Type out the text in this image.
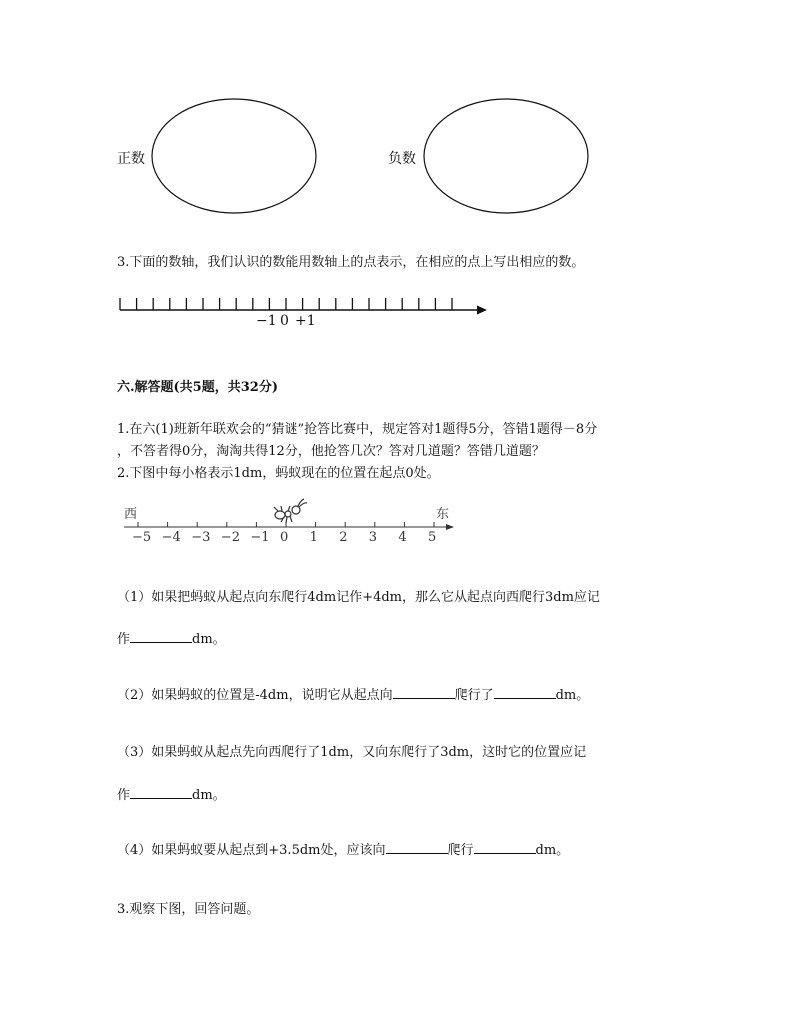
正数	负数
3.下面的数轴，我们认识的数能用数轴上的点表示，在相应的点上写出相应的数。
−1 0 +1
六.解答题(共5题，共32分)
1.在六(1)班新年联欢会的“猜谜”抢答比赛中，规定答对1题得5分，答错1题得－8分
，不答者得0分，淘淘共得12分，他抢答几次？答对几道题？答错几道题？
2.下图中每小格表示1dm，蚂蚁现在的位置在起点0处。
西	东
−5 −4 −3 −2 −1 0 1 2 3 4 5
（1）如果把蚂蚁从起点向东爬行4dm记作+4dm，那么它从起点向西爬行3dm应记
作	dm。
（2）如果蚂蚁的位置是-4dm，说明它从起点向	爬行了	dm。
（3）如果蚂蚁从起点先向西爬行了1dm，又向东爬行了3dm，这时它的位置应记
作	dm。
（4）如果蚂蚁要从起点到+3.5dm处，应该向	爬行	dm。
3.观察下图，回答问题。
